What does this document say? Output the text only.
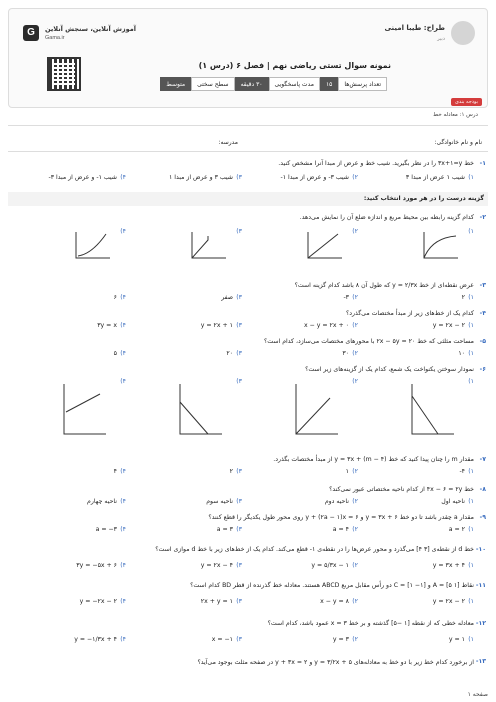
طراح: طیبا امینی
دبیر
G	آموزش آنلاین، سنجش آنلاین
Gama.ir
نمونه سوال تستی ریاضی نهم | فصل ۶ (درس ۱)
تعداد پرسش‌ها
۱۵
مدت پاسخگویی
۳۰ دقیقه
سطح سختی
متوسط
بودجه بندی
درس ۱: معادله خط
نام و نام خانوادگی:
مدرسه:
۱-
خط ۳x+۱=y را در نظر بگیرید. شیب خط و عرض از مبدا آنرا مشخص کنید.
۱)
شیب ۱ عرض از مبدا ۳
۲)
شیب ۳- و عرض از مبدا ۱-
۳)
شیب ۳ و عرض از مبدا ۱
۴)
شیب ۱- و عرض از مبدا ۳-
گزینه درست را در هر مورد انتخاب کنید:
۲-
کدام گزینه رابطه بین محیط مربع و اندازه ضلع آن را نمایش می‌دهد.
۱)
۲)
۳)
۴)
۳-
عرض نقطه‌ای از خط y = ۲/۳x که طول آن ۸ باشد کدام گزینه است؟
۱)
۲
۲)
۳-
۳)
صفر
۴)
۶
۴-
کدام یک از خط‌های زیر از مبدأ مختصات می‌گذرد؟
۱)
y = ۲x − ۲
۲)
x − y = ۲x + ۰
۳)
y = ۲x + ۱
۴)
۳y = x
۵-
مساحت مثلثی که خط ۲x − ۵y = ۲۰ با محورهای مختصات می‌سازد، کدام است؟
۱)
۱۰
۲)
۳۰
۳)
۲۰
۴)
۵
۶-
نمودار سوختن یکنواخت یک شمع، کدام یک از گزینه‌های زیر است؟
۱)
۲)
۳)
۴)
۷-
مقدار m را چنان پیدا کنید که خط y = ۳x + (m − ۴) از مبدأ مختصات بگذرد.
۱)
۴-
۲)
۱
۳)
۲
۴)
۴
۸-
خط ۴x − ۶ = ۲y از کدام ناحیه مختصاتی عبور نمی‌کند؟
۱)
ناحیه اول
۲)
ناحیه دوم
۳)
ناحیه سوم
۴)
ناحیه چهارم
۹-
مقدار a چقدر باشد تا دو خط y = ۳x + ۶ و y + (۲a − ۱)x = ۶ روی محور طول یکدیگر را قطع کنند؟
۱)
a = ۲
۲)
a = ۴
۳)
a = ۳
۴)
a = −۳
۱۰-
خط d از نقطه‌ی [۳ ۴] می‌گذرد و محور عرض‌ها را در نقطه‌ی ۱- قطع می‌کند. کدام یک از خط‌های زیر با خط d موازی است؟
۱)
y = ۳x + ۴
۲)
y = ۵/۳x − ۱
۳)
y = ۲x − ۴
۴)
۳y = −۵x + ۶
۱۱-
نقاط A = [۵ ۱] و C = [۱ −۱] دو رأس مقابل مربع ABCD هستند. معادله خط گذرنده از قطر BD کدام است؟
۱)
y = ۲x − ۲
۲)
x − y = ۸
۳)
۲x + y = ۱
۴)
y = −۲x − ۲
۱۲-
معادله خطی که از نقطه [۱ −۵] گذشته و بر خط x = ۳ عمود باشد، کدام است؟
۱)
y = ۱
۲)
y = ۳
۳)
x = −۱
۴)
y = −۱/۳x + ۴
۱۳-
از برخورد کدام خط زیر با دو خط به معادله‌های y = ۳/۲x + ۵ و y + ۳x = ۲ در صفحه مثلث بوجود می‌آید؟
صفحه ۱
